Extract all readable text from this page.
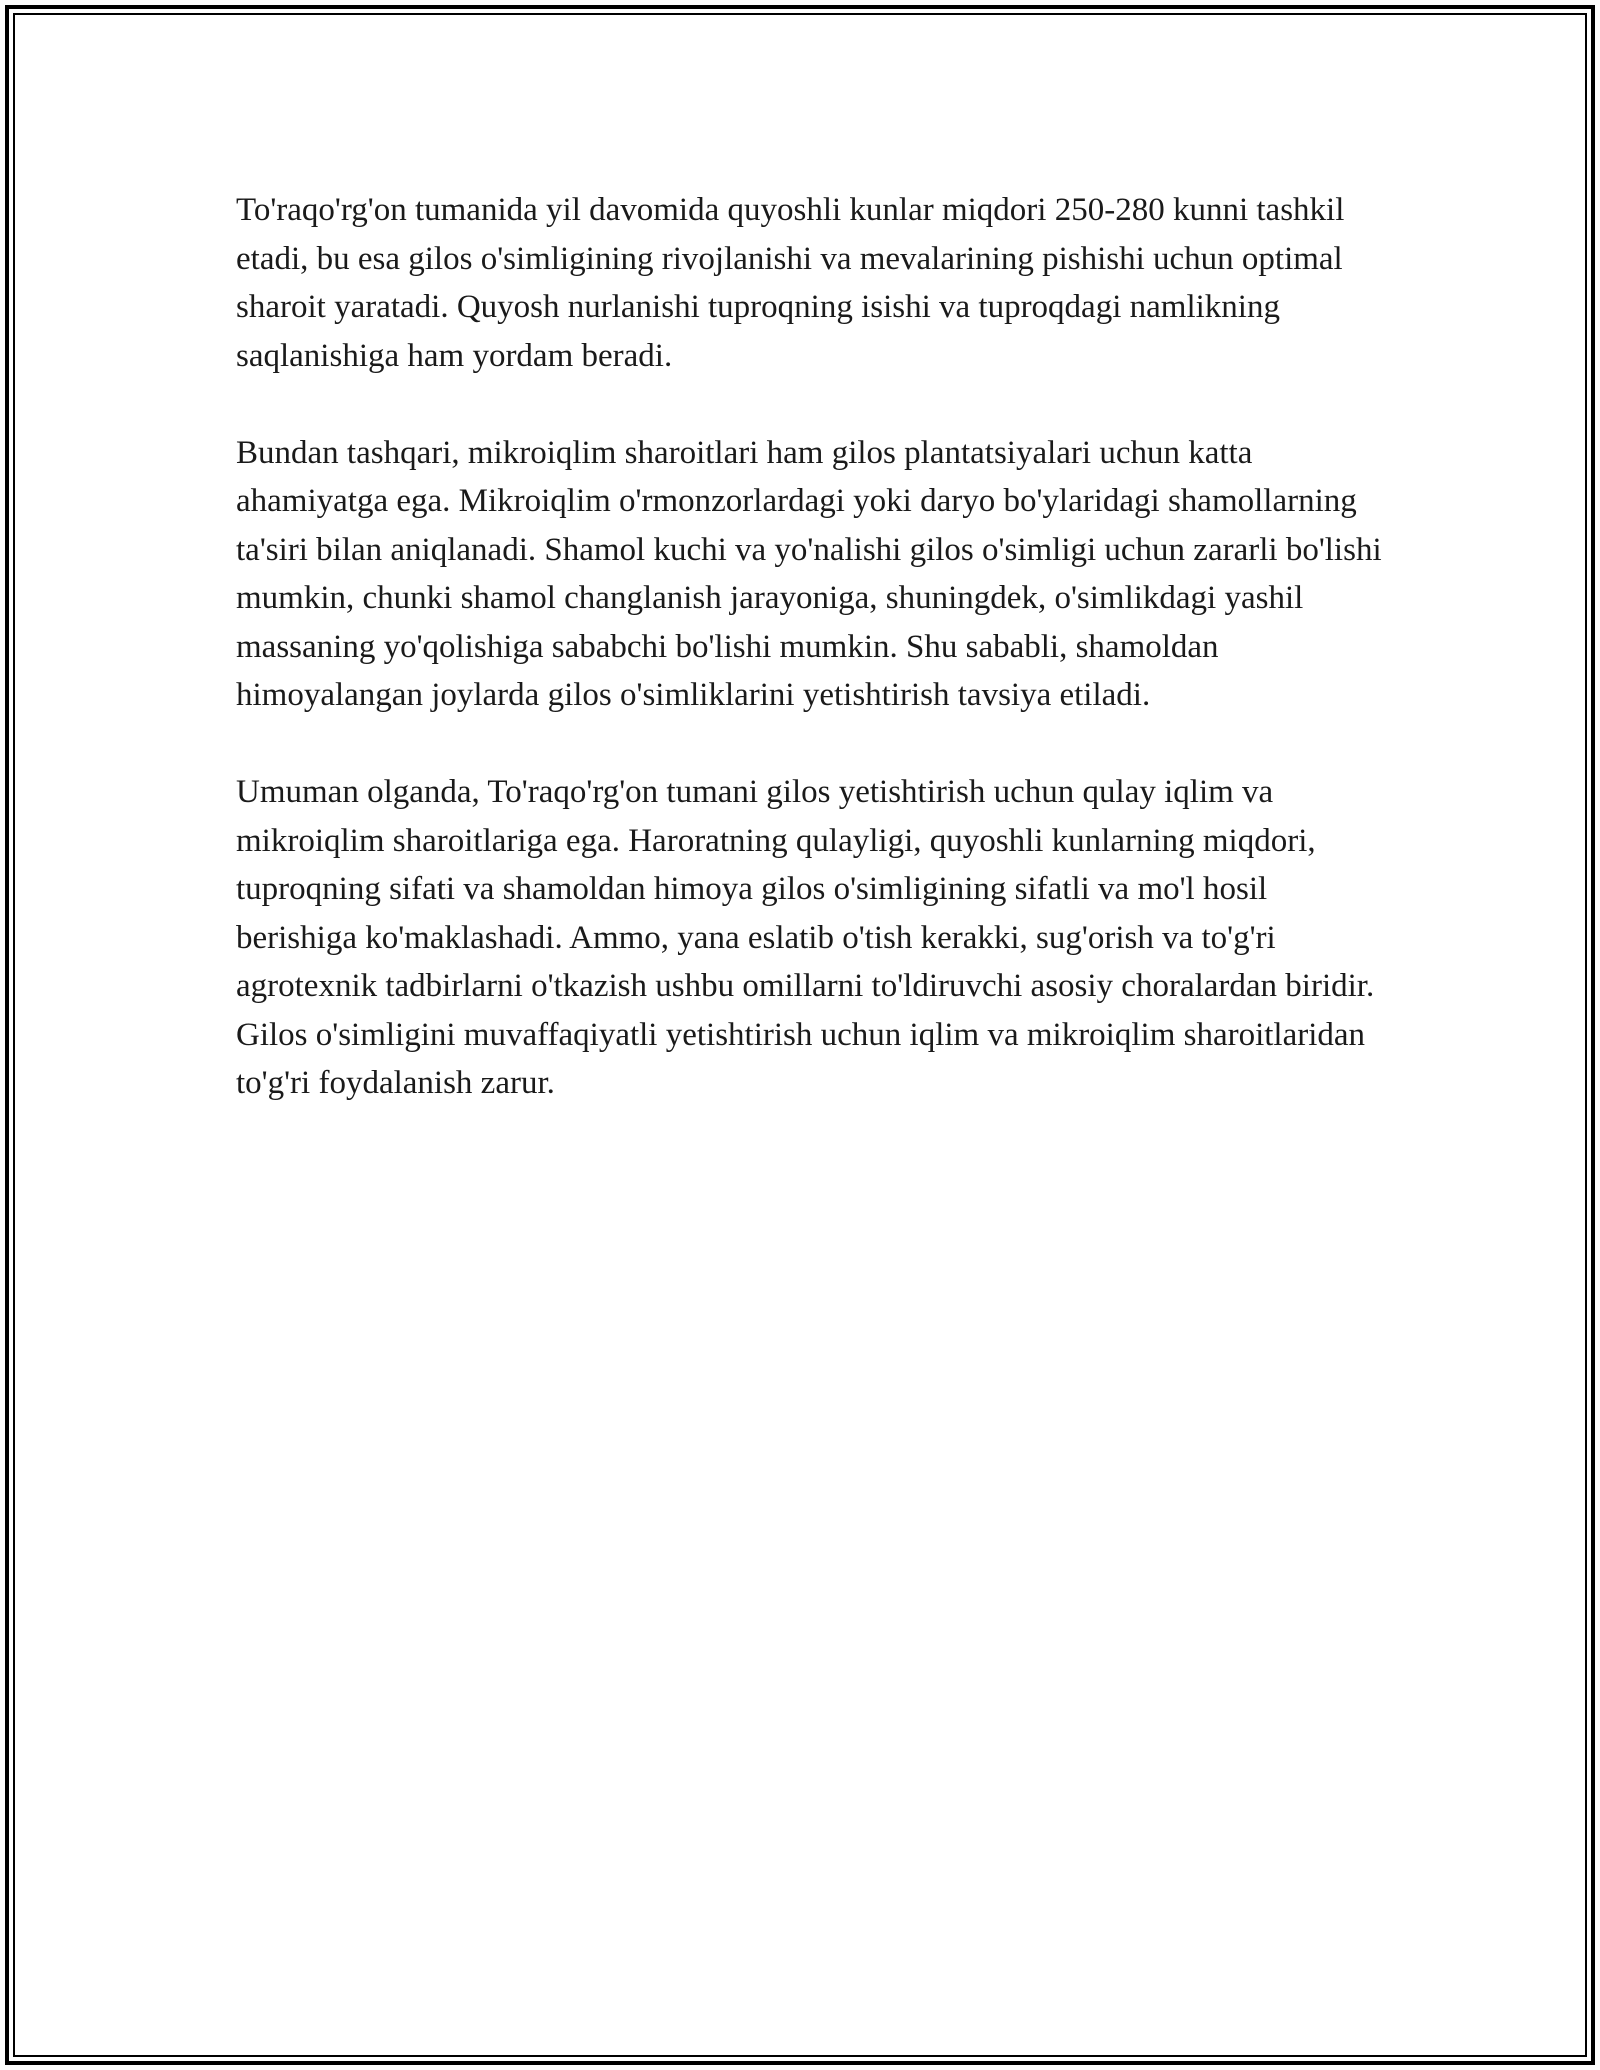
To'raqo'rg'on tumanida yil davomida quyoshli kunlar miqdori 250-280 kunni tashkil etadi, bu esa gilos o'simligining rivojlanishi va mevalarining pishishi uchun optimal sharoit yaratadi. Quyosh nurlanishi tuproqning isishi va tuproqdagi namlikning saqlanishiga ham yordam beradi.

Bundan tashqari, mikroiqlim sharoitlari ham gilos plantatsiyalari uchun katta ahamiyatga ega. Mikroiqlim o'rmonzorlardagi yoki daryo bo'ylaridagi shamollarning ta'siri bilan aniqlanadi. Shamol kuchi va yo'nalishi gilos o'simligi uchun zararli bo'lishi mumkin, chunki shamol changlanish jarayoniga, shuningdek, o'simlikdagi yashil massaning yo'qolishiga sababchi bo'lishi mumkin. Shu sababli, shamoldan himoyalangan joylarda gilos o'simliklarini yetishtirish tavsiya etiladi.

Umuman olganda, To'raqo'rg'on tumani gilos yetishtirish uchun qulay iqlim va mikroiqlim sharoitlariga ega. Haroratning qulayligi, quyoshli kunlarning miqdori, tuproqning sifati va shamoldan himoya gilos o'simligining sifatli va mo'l hosil berishiga ko'maklashadi. Ammo, yana eslatib o'tish kerakki, sug'orish va to'g'ri agrotexnik tadbirlarni o'tkazish ushbu omillarni to'ldiruvchi asosiy choralardan biridir. Gilos o'simligini muvaffaqiyatli yetishtirish uchun iqlim va mikroiqlim sharoitlaridan to'g'ri foydalanish zarur.
